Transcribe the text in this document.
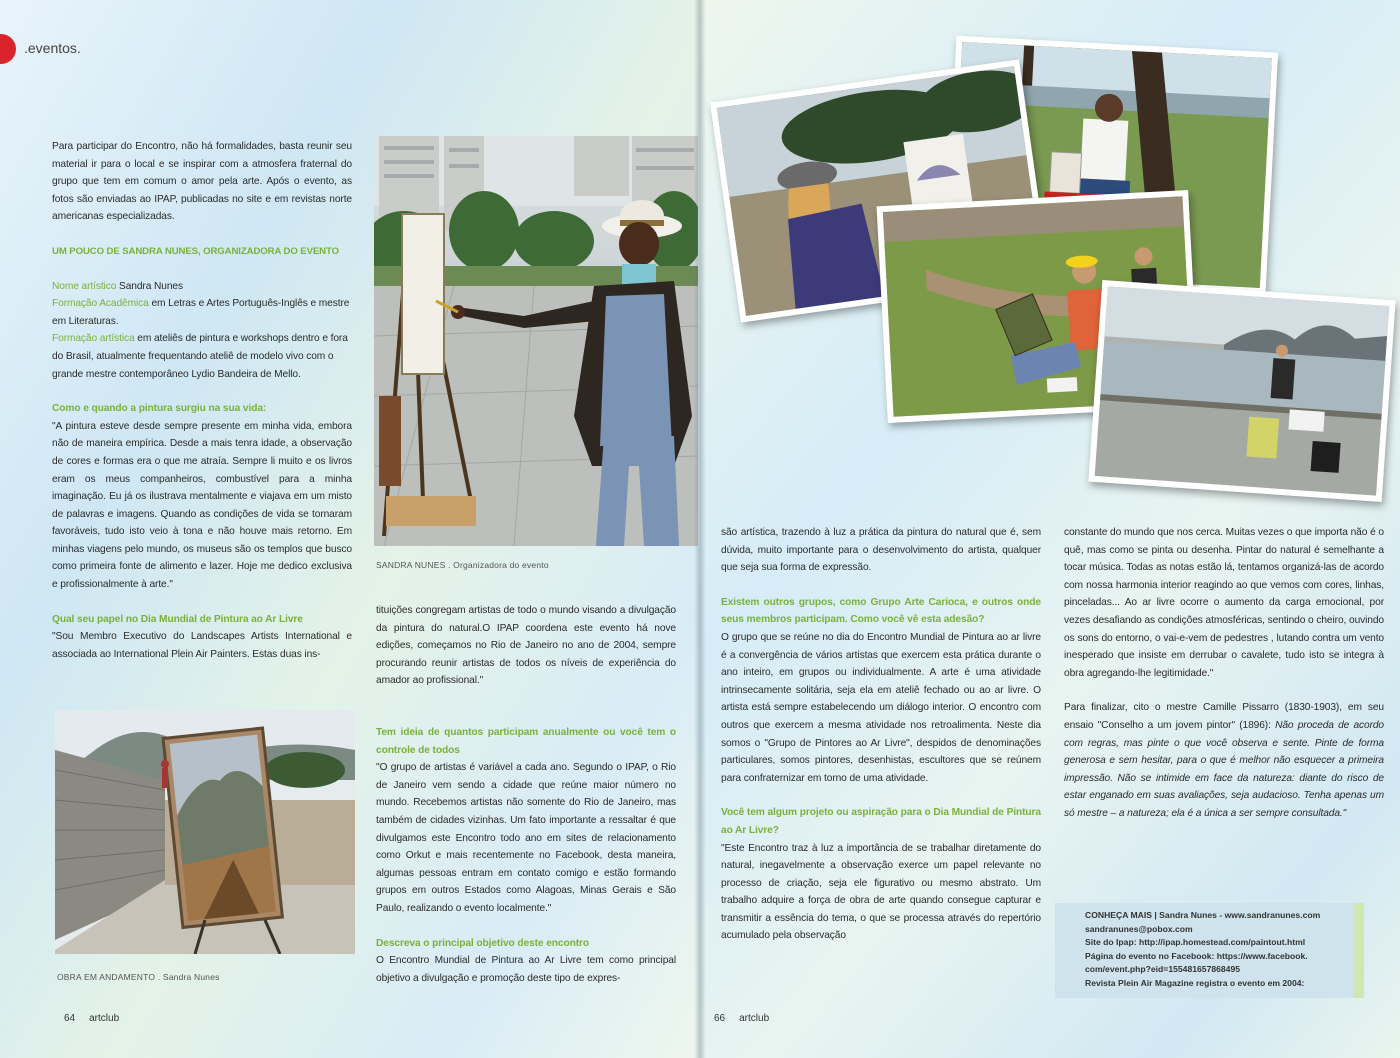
.eventos.

Para participar do Encontro, não há formalidades, basta reunir seu material ir para o local e se inspirar com a atmosfera fraternal do grupo que tem em comum o amor pela arte. Após o evento, as fotos são enviadas ao IPAP, publicadas no site e em revistas norte americanas especializadas.

UM POUCO DE SANDRA NUNES, ORGANIZADORA DO EVENTO

Nome artístico Sandra Nunes

Formação Acadêmica em Letras e Artes Português-Inglês e mestre em Literaturas.

Formação artística em ateliês de pintura e workshops dentro e fora do Brasil, atualmente frequentando ateliê de modelo vivo com o grande mestre contemporâneo Lydio Bandeira de Mello.

Como e quando a pintura surgiu na sua vida:

"A pintura esteve desde sempre presente em minha vida, embora não de maneira empírica. Desde a mais tenra idade, a observação de cores e formas era o que me atraía. Sempre li muito e os livros eram os meus companheiros, combustível para a minha imaginação. Eu já os ilustrava mentalmente e viajava em um misto de palavras e imagens. Quando as condições de vida se tornaram favoráveis, tudo isto veio à tona e não houve mais retorno. Em minhas viagens pelo mundo, os museus são os templos que busco como primeira fonte de alimento e lazer. Hoje me dedico exclusiva e profissionalmente à arte."

Qual seu papel no Dia Mundial de Pintura ao Ar Livre

"Sou Membro Executivo do Landscapes Artists International e associada ao International Plein Air Painters. Estas duas ins-

SANDRA NUNES . Organizadora do evento

tituições congregam artistas de todo o mundo visando a divulgação da pintura do natural.O IPAP coordena este evento há nove edições, começamos no Rio de Janeiro no ano de 2004, sempre procurando reunir artistas de todos os níveis de experiência do amador ao profissional."

Tem ideia de quantos participam anualmente ou você tem o controle de todos

"O grupo de artistas é variável a cada ano. Segundo o IPAP, o Rio de Janeiro vem sendo a cidade que reúne maior número no mundo. Recebemos artistas não somente do Rio de Janeiro, mas também de cidades vizinhas. Um fato importante a ressaltar é que divulgamos este Encontro todo ano em sites de relacionamento como Orkut e mais recentemente no Facebook, desta maneira, algumas pessoas entram em contato comigo e estão formando grupos em outros Estados como Alagoas, Minas Gerais e São Paulo, realizando o evento localmente."

Descreva o principal objetivo deste encontro

O Encontro Mundial de Pintura ao Ar Livre tem como principal objetivo a divulgação e promoção deste tipo de expres-

OBRA EM ANDAMENTO . Sandra Nunes
64 artclub

são artística, trazendo à luz a prática da pintura do natural que é, sem dúvida, muito importante para o desenvolvimento do artista, qualquer que seja sua forma de expressão.

Existem outros grupos, como Grupo Arte Carioca, e outros onde seus membros participam. Como você vê esta adesão?

O grupo que se reúne no dia do Encontro Mundial de Pintura ao ar livre é a convergência de vários artistas que exercem esta prática durante o ano inteiro, em grupos ou individualmente. A arte é uma atividade intrinsecamente solitária, seja ela em ateliê fechado ou ao ar livre. O artista está sempre estabelecendo um diálogo interior. O encontro com outros que exercem a mesma atividade nos retroalimenta. Neste dia somos o "Grupo de Pintores ao Ar Livre", despidos de denominações particulares, somos pintores, desenhistas, escultores que se reúnem para confraternizar em torno de uma atividade.

Você tem algum projeto ou aspiração para o Dia Mundial de Pintura ao Ar Livre?

"Este Encontro traz à luz a importância de se trabalhar diretamente do natural, inegavelmente a observação exerce um papel relevante no processo de criação, seja ele figurativo ou mesmo abstrato. Um trabalho adquire a força de obra de arte quando consegue capturar e transmitir a essência do tema, o que se processa através do repertório acumulado pela observação

constante do mundo que nos cerca. Muitas vezes o que importa não é o quê, mas como se pinta ou desenha. Pintar do natural é semelhante a tocar música. Todas as notas estão lá, tentamos organizá-las de acordo com nossa harmonia interior reagindo ao que vemos com cores, linhas, pinceladas... Ao ar livre ocorre o aumento da carga emocional, por vezes desafiando as condições atmosféricas, sentindo o cheiro, ouvindo os sons do entorno, o vai-e-vem de pedestres , lutando contra um vento inesperado que insiste em derrubar o cavalete, tudo isto se integra à obra agregando-lhe legitimidade."

Para finalizar, cito o mestre Camille Pissarro (1830-1903), em seu ensaio "Conselho a um jovem pintor" (1896): Não proceda de acordo com regras, mas pinte o que você observa e sente. Pinte de forma generosa e sem hesitar, para o que é melhor não esquecer a primeira impressão. Não se intimide em face da natureza: diante do risco de estar enganado em suas avaliações, seja audacioso. Tenha apenas um só mestre – a natureza; ela é a única a ser sempre consultada."

66 artclub
CONHEÇA MAIS | Sandra Nunes - www.sandranunes.com
sandranunes@pobox.com
Site do Ipap: http://ipap.homestead.com/paintout.html
Página do evento no Facebook: https://www.facebook.
com/event.php?eid=155481657868495
Revista Plein Air Magazine registra o evento em 2004:
